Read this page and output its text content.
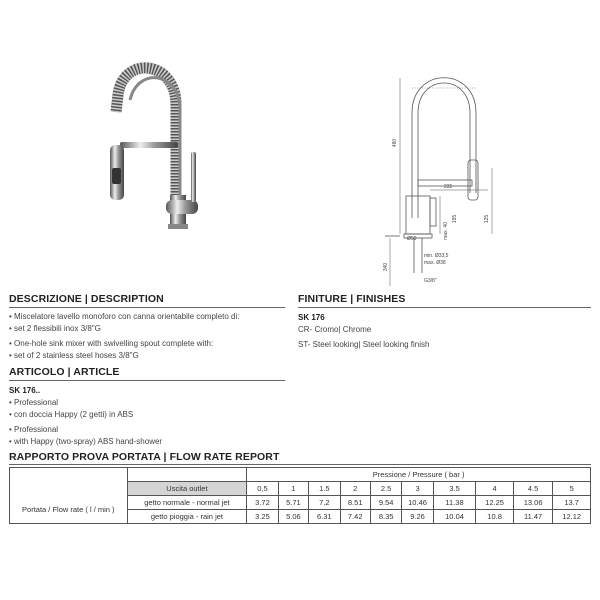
480
235
125
195
max. 40
Ø50
340
min. Ø33,5
max. Ø38
G3/8"
DESCRIZIONE | DESCRIPTION
• Miscelatore lavello monoforo con canna orientabile completo di:
• set 2 flessibili inox 3/8"G
• One-hole sink mixer with swivelling spout complete with:
• set of 2 stainless steel hoses 3/8"G
FINITURE | FINISHES
SK 176
CR- Cromo| Chrome
ST- Steel looking| Steel looking finish
ARTICOLO | ARTICLE
SK 176..
• Professional
• con doccia Happy (2 getti) in ABS
• Professional
• with Happy (two-spray) ABS hand-shower
RAPPORTO PROVA PORTATA | FLOW RATE REPORT
		Pressione / Pressure ( bar )									

	Uscita outlet	0,5	1	1.5	2	2.5	3	3.5	4	4.5	5
Portata / Flow rate ( l / min )	getto normale - normal jet	3.72	5.71	7.2	8.51	9.54	10.46	11.38	12.25	13.06	13.7
	getto pioggia - rain jet	3.25	5.06	6.31	7.42	8.35	9.26	10.04	10.8	11.47	12.12
